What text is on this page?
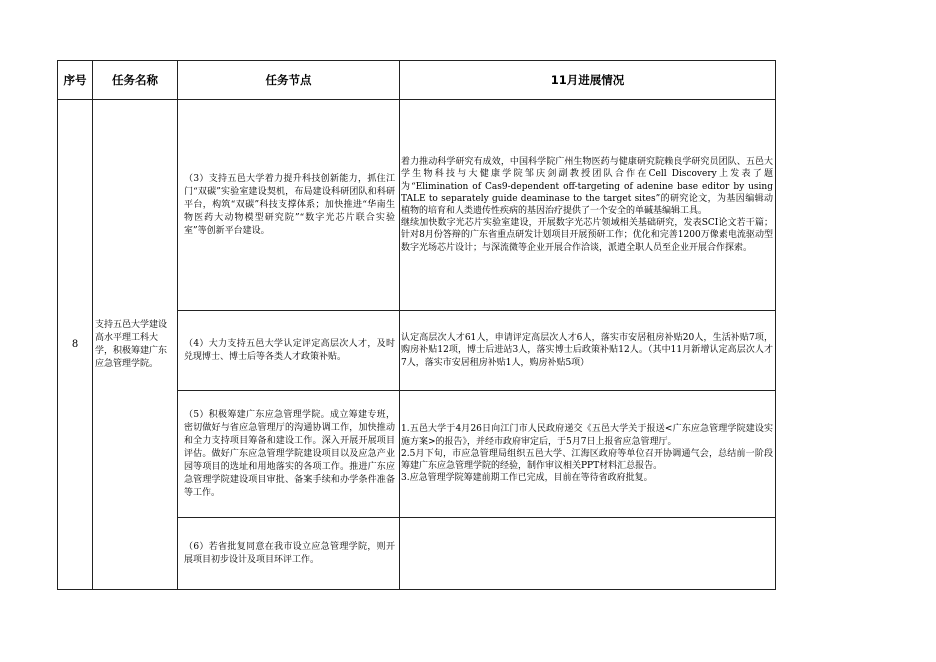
序号	任务名称	任务节点	11月进展情况
8	支持五邑大学建设高水平理工科大学，积极筹建广东应急管理学院。	（3）支持五邑大学着力提升科技创新能力，抓住江门“双碳”实验室建设契机，布局建设科研团队和科研平台，构筑“双碳”科技支撑体系；加快推进“华南生物医药大动物模型研究院”“数字光芯片联合实验室”等创新平台建设。	着力推动科学研究有成效，中国科学院广州生物医药与健康研究院赖良学研究员团队、五邑大学生物科技与大健康学院邹庆剑副教授团队合作在Cell Discovery上发表了题为“Elimination of Cas9-dependent off-targeting of adenine base editor by using TALE to separately guide deaminase to the target sites”的研究论文，为基因编辑动植物的培育和人类遗传性疾病的基因治疗提供了一个安全的单碱基编辑工具。
继续加快数字光芯片实验室建设，开展数字光芯片领域相关基础研究，发表SCI论文若干篇；针对8月份答辩的广东省重点研发计划项目开展预研工作；优化和完善1200万像素电流驱动型数字光场芯片设计；与深流微等企业开展合作洽谈，派遣全职人员至企业开展合作探索。

		（4）大力支持五邑大学认定评定高层次人才，及时兑现博士、博士后等各类人才政策补贴。	认定高层次人才61人，申请评定高层次人才6人，落实市安居租房补贴20人，生活补贴7项，购房补贴12项，博士后进站3人，落实博士后政策补贴12人。（其中11月新增认定高层次人才7人，落实市安居租房补贴1人，购房补贴5项）

		（5）积极筹建广东应急管理学院。成立筹建专班，密切做好与省应急管理厅的沟通协调工作，加快推动和全力支持项目筹备和建设工作。深入开展开展项目评估。做好广东应急管理学院建设项目以及应急产业园等项目的选址和用地落实的各项工作。推进广东应急管理学院建设项目审批、备案手续和办学条件准备等工作。	1.五邑大学于4月26日向江门市人民政府递交《五邑大学关于报送<广东应急管理学院建设实施方案>的报告》，并经市政府审定后，于5月7日上报省应急管理厅。
2.5月下旬，市应急管理局组织五邑大学、江海区政府等单位召开协调通气会，总结前一阶段筹建广东应急管理学院的经验，制作审议相关PPT材料汇总报告。
3.应急管理学院筹建前期工作已完成，目前在等待省政府批复。

		（6）若省批复同意在我市设立应急管理学院，则开展项目初步设计及项目环评工作。	
